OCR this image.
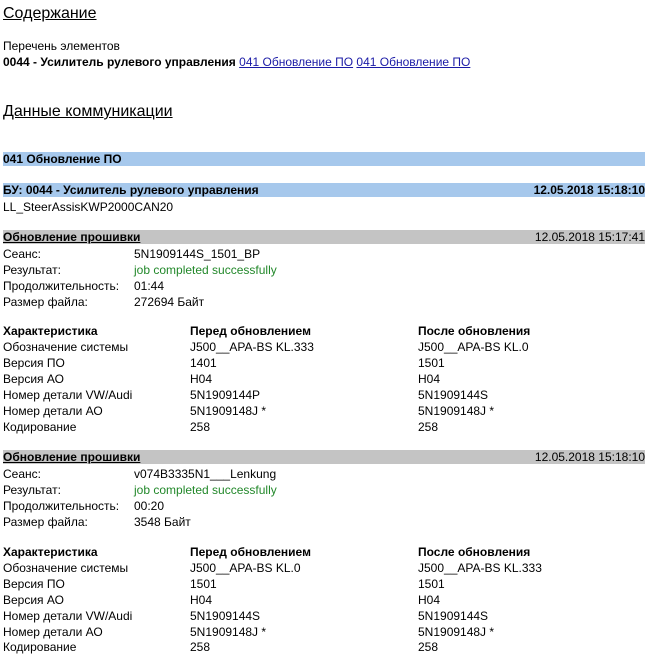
Содержание
Перечень элементов
0044 - Усилитель рулевого управления 041 Обновление ПО 041 Обновление ПО
Данные коммуникации
041 Обновление ПО
БУ: 0044 - Усилитель рулевого управления	12.05.2018 15:18:10
LL_SteerAssisKWP2000CAN20
Обновление прошивки	12.05.2018 15:17:41
Сеанс:	5N1909144S_1501_BP
Результат:	job completed successfully
Продолжительность: 01:44
Размер файла:	272694 Байт
Характеристика	Перед обновлением	После обновления
Обозначение системы	J500__APA-BS KL.333	J500__APA-BS KL.0
Версия ПО	1401	1501
Версия АО	H04	H04
Номер детали VW/Audi	5N1909144P	5N1909144S
Номер детали АО	5N1909148J *	5N1909148J *
Кодирование	258	258
Обновление прошивки	12.05.2018 15:18:10
Сеанс:	v074B3335N1___Lenkung
Результат:	job completed successfully
Продолжительность: 00:20
Размер файла:	3548 Байт
Характеристика	Перед обновлением	После обновления
Обозначение системы	J500__APA-BS KL.0	J500__APA-BS KL.333
Версия ПО	1501	1501
Версия АО	H04	H04
Номер детали VW/Audi	5N1909144S	5N1909144S
Номер детали АО	5N1909148J *	5N1909148J *
Кодирование	258	258
